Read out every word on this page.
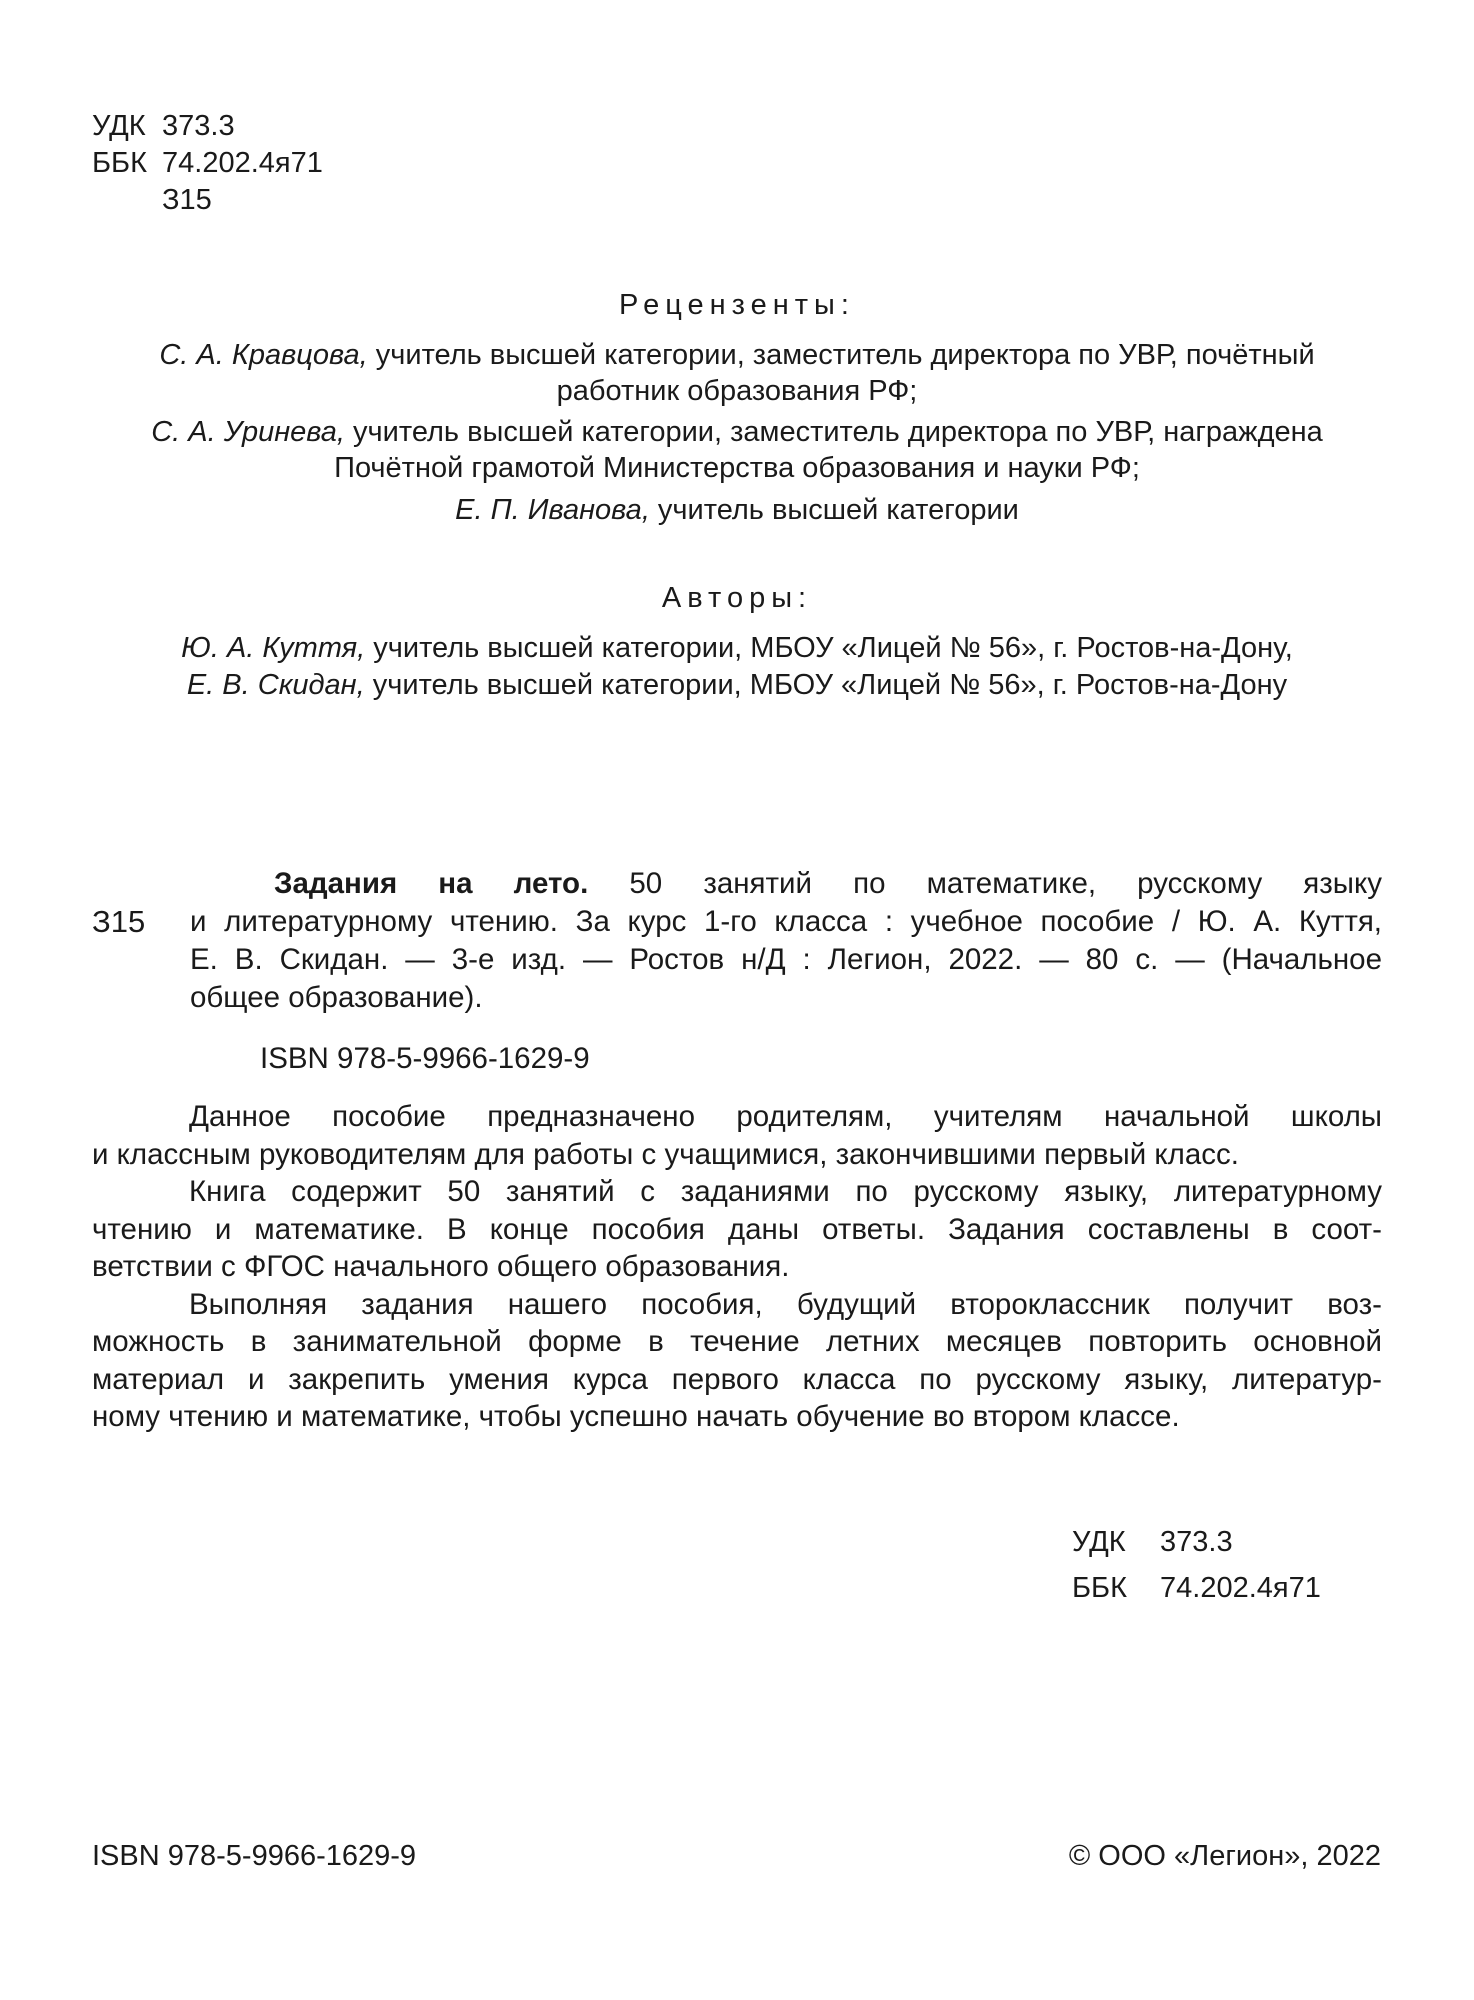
УДК 373.3
ББК 74.202.4я71
З15
Рецензенты:
С. А. Кравцова, учитель высшей категории, заместитель директора по УВР, почётный
работник образования РФ;
С. А. Уринева, учитель высшей категории, заместитель директора по УВР, награждена
Почётной грамотой Министерства образования и науки РФ;
Е. П. Иванова, учитель высшей категории
Авторы:
Ю. А. Куття, учитель высшей категории, МБОУ «Лицей № 56», г. Ростов-на-Дону,
Е. В. Скидан, учитель высшей категории, МБОУ «Лицей № 56», г. Ростов-на-Дону
З15
Задания на лето. 50 занятий по математике, русскому языку
и литературному чтению. За курс 1-го класса : учебное пособие / Ю. А. Куття,
Е. В. Скидан. — 3-е изд. — Ростов н/Д : Легион, 2022. — 80 с. — (Начальное
общее образование).
ISBN 978-5-9966-1629-9
Данное пособие предназначено родителям, учителям начальной школы
и классным руководителям для работы с учащимися, закончившими первый класс.
Книга содержит 50 занятий с заданиями по русскому языку, литературному
чтению и математике. В конце пособия даны ответы. Задания составлены в соот-
ветствии с ФГОС начального общего образования.
Выполняя задания нашего пособия, будущий второклассник получит воз-
можность в занимательной форме в течение летних месяцев повторить основной
материал и закрепить умения курса первого класса по русскому языку, литератур-
ному чтению и математике, чтобы успешно начать обучение во втором классе.
УДК 373.3
ББК 74.202.4я71
ISBN 978-5-9966-1629-9	© ООО «Легион», 2022
